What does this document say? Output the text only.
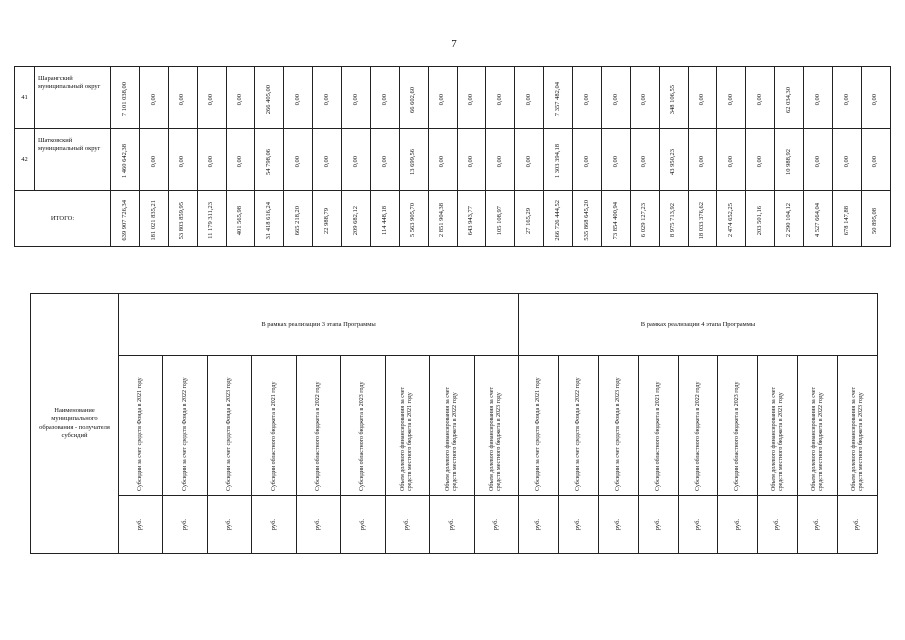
7
41	Шарангский муниципальный округ	7 101 038,00	0,00	0,00	0,00	0,00	266 405,00	0,00	0,00	0,00	0,00	66 602,60	0,00	0,00	0,00	0,00	7 357 482,04	0,00	0,00	0,00	348 106,55	0,00	0,00	0,00	62 034,30	0,00	0,00	0,00

42	Шатковский муниципальный округ	1 460 642,38	0,00	0,00	0,00	0,00	54 798,06	0,00	0,00	0,00	0,00	13 699,56	0,00	0,00	0,00	0,00	1 303 394,18	0,00	0,00	0,00	43 950,23	0,00	0,00	0,00	10 988,92	0,00	0,00	0,00

ИТОГО:		639 907 726,34	181 021 835,21	53 803 859,95	11 179 311,23	401 565,98	31 418 616,24	665 218,20	22 988,79	209 682,12	114 448,18	5 563 905,70	2 851 904,38	643 943,77	105 108,97	27 165,29	266 726 444,52	535 868 645,20	73 854 400,94	6 029 127,23	8 975 713,92	18 033 376,62	2 474 652,25	203 501,16	2 290 104,12	4 527 664,04	678 147,88	50 895,08
Наименование муниципального образования - получателя субсидий	В рамках реализации 3 этапа Программы									В рамках реализации 4 этапа Программы								

	Субсидии за счет средств Фонда в 2021 году	Субсидии за счет средств Фонда в 2022 году	Субсидии за счет средств Фонда в 2023 году	Субсидии областного бюджета в 2021 году	Субсидии областного бюджета в 2022 году	Субсидии областного бюджета в 2023 году	Объем долевого финансирования за счет средств местного бюджета в 2021 году	Объем долевого финансирования за счет средств местного бюджета в 2022 году	Объем долевого финансирования за счет средств местного бюджета в 2023 году	Субсидии за счет средств Фонда в 2021 году	Субсидии за счет средств Фонда в 2022 году	Субсидии за счет средств Фонда в 2023 году	Субсидии областного бюджета в 2021 году	Субсидии областного бюджета в 2022 году	Субсидии областного бюджета в 2023 году	Объем долевого финансирования за счет средств местного бюджета в 2021 году	Объем долевого финансирования за счет средств местного бюджета в 2022 году	Объем долевого финансирования за счет средств местного бюджета в 2023 году

	руб.	руб.	руб.	руб.	руб.	руб.	руб.	руб.	руб.	руб.	руб.	руб.	руб.	руб.	руб.	руб.	руб.	руб.
